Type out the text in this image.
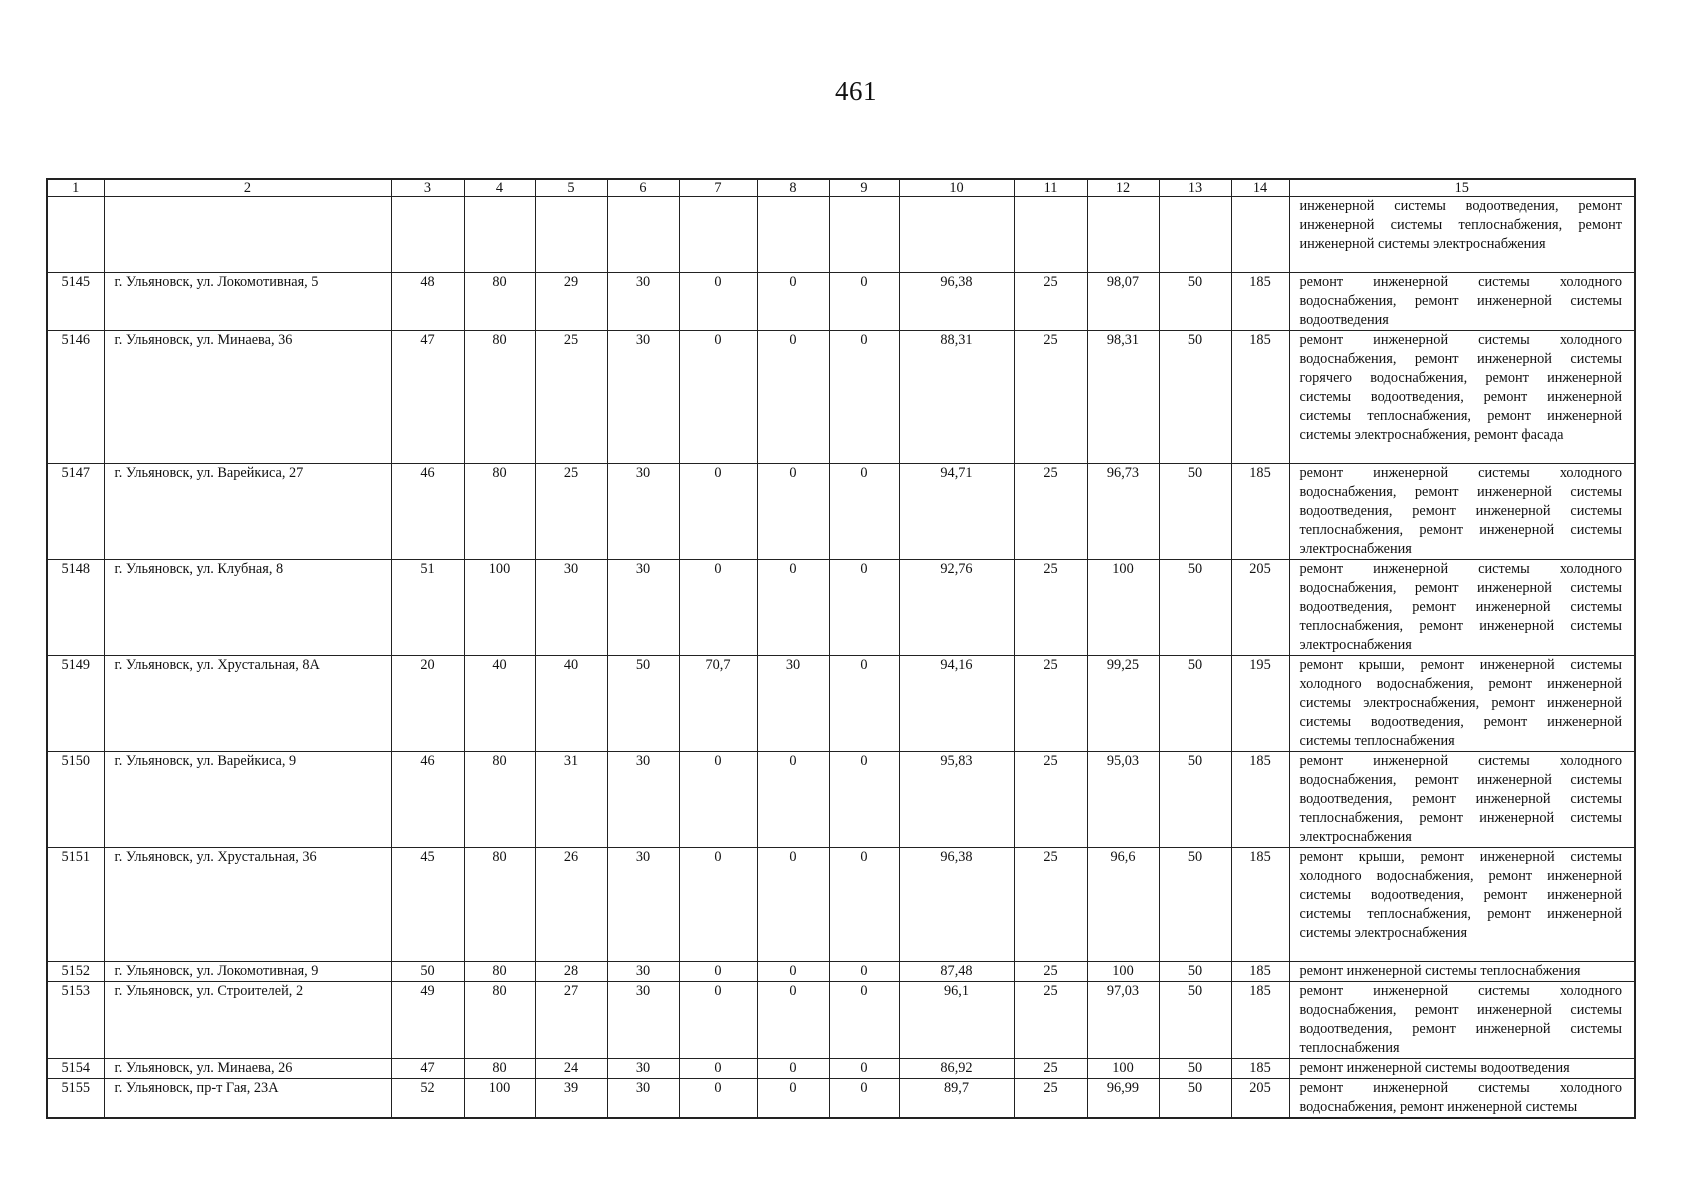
461
1	2	3	4	5	6	7	8	9	10	11	12	13	14	15
														инженерной системы водоотведения, ремонт инженерной системы теплоснабжения, ремонт инженерной системы электроснабжения
5145	г. Ульяновск, ул. Локомотивная, 5	48	80	29	30	0	0	0	96,38	25	98,07	50	185	ремонт инженерной системы холодного водоснабжения, ремонт инженерной системы водоотведения
5146	г. Ульяновск, ул. Минаева, 36	47	80	25	30	0	0	0	88,31	25	98,31	50	185	ремонт инженерной системы холодного водоснабжения, ремонт инженерной системы горячего водоснабжения, ремонт инженерной системы водоотведения, ремонт инженерной системы теплоснабжения, ремонт инженерной системы электроснабжения, ремонт фасада
5147	г. Ульяновск, ул. Варейкиса, 27	46	80	25	30	0	0	0	94,71	25	96,73	50	185	ремонт инженерной системы холодного водоснабжения, ремонт инженерной системы водоотведения, ремонт инженерной системы теплоснабжения, ремонт инженерной системы электроснабжения
5148	г. Ульяновск, ул. Клубная, 8	51	100	30	30	0	0	0	92,76	25	100	50	205	ремонт инженерной системы холодного водоснабжения, ремонт инженерной системы водоотведения, ремонт инженерной системы теплоснабжения, ремонт инженерной системы электроснабжения
5149	г. Ульяновск, ул. Хрустальная, 8А	20	40	40	50	70,7	30	0	94,16	25	99,25	50	195	ремонт крыши, ремонт инженерной системы холодного водоснабжения, ремонт инженерной системы электроснабжения, ремонт инженерной системы водоотведения, ремонт инженерной системы теплоснабжения
5150	г. Ульяновск, ул. Варейкиса, 9	46	80	31	30	0	0	0	95,83	25	95,03	50	185	ремонт инженерной системы холодного водоснабжения, ремонт инженерной системы водоотведения, ремонт инженерной системы теплоснабжения, ремонт инженерной системы электроснабжения
5151	г. Ульяновск, ул. Хрустальная, 36	45	80	26	30	0	0	0	96,38	25	96,6	50	185	ремонт крыши, ремонт инженерной системы холодного водоснабжения, ремонт инженерной системы водоотведения, ремонт инженерной системы теплоснабжения, ремонт инженерной системы электроснабжения
5152	г. Ульяновск, ул. Локомотивная, 9	50	80	28	30	0	0	0	87,48	25	100	50	185	ремонт инженерной системы теплоснабжения
5153	г. Ульяновск, ул. Строителей, 2	49	80	27	30	0	0	0	96,1	25	97,03	50	185	ремонт инженерной системы холодного водоснабжения, ремонт инженерной системы водоотведения, ремонт инженерной системы теплоснабжения
5154	г. Ульяновск, ул. Минаева, 26	47	80	24	30	0	0	0	86,92	25	100	50	185	ремонт инженерной системы водоотведения
5155	г. Ульяновск, пр-т Гая, 23А	52	100	39	30	0	0	0	89,7	25	96,99	50	205	ремонт инженерной системы холодного водоснабжения, ремонт инженерной системы
